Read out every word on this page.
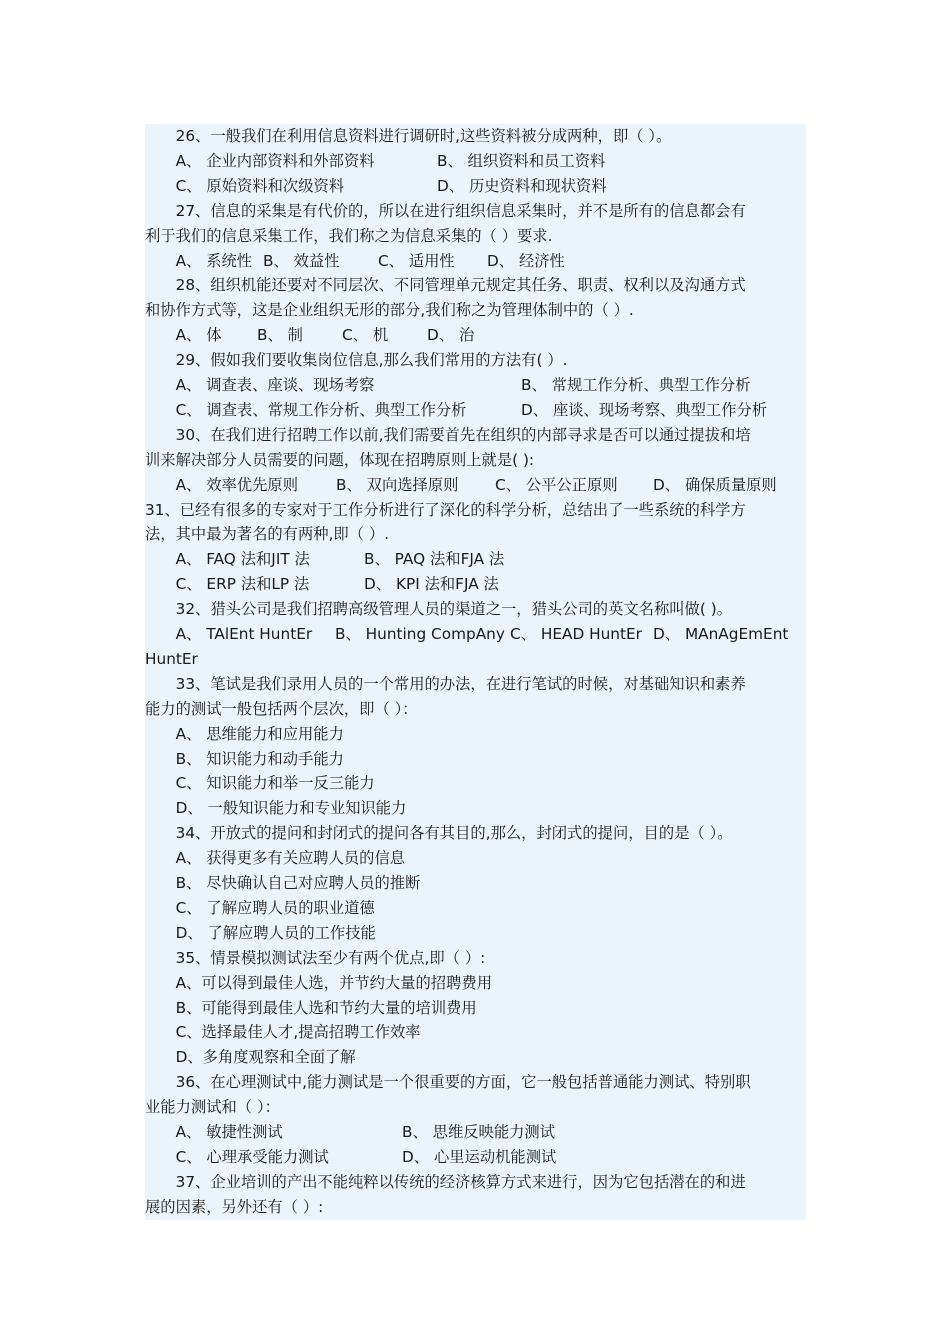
　　26、一般我们在利用信息资料进行调研时,这些资料被分成两种，即（ ）。
　　A、 企业内部资料和外部资料	B、 组织资料和员工资料
　　C、 原始资料和次级资料	D、 历史资料和现状资料
　　27、信息的采集是有代价的，所以在进行组织信息采集时，并不是所有的信息都会有
利于我们的信息采集工作，我们称之为信息采集的（ ）要求.
　　A、 系统性 B、 效益性	C、 适用性 D、 经济性
　　28、组织机能还要对不同层次、不同管理单元规定其任务、职责、权利以及沟通方式
和协作方式等，这是企业组织无形的部分,我们称之为管理体制中的（ ）.
　　A、 体 B、 制	C、 机	D、 治
　　29、假如我们要收集岗位信息,那么我们常用的方法有( ）.
　　A、 调查表、座谈、现场考察	B、 常规工作分析、典型工作分析
　　C、 调查表、常规工作分析、典型工作分析	D、 座谈、现场考察、典型工作分析
　　30、在我们进行招聘工作以前,我们需要首先在组织的内部寻求是否可以通过提拔和培
训来解决部分人员需要的问题，体现在招聘原则上就是( ):
　　A、 效率优先原则 B、 双向选择原则 C、 公平公正原则 D、 确保质量原则
31、已经有很多的专家对于工作分析进行了深化的科学分析，总结出了一些系统的科学方
法，其中最为著名的有两种,即（ ）.
　　A、 FAQ 法和JIT 法	B、 PAQ 法和FJA 法
　　C、 ERP 法和LP 法	D、 KPI 法和FJA 法
　　32、猎头公司是我们招聘高级管理人员的渠道之一，猎头公司的英文名称叫做( )。
　　A、 TAlEnt HuntEr B、 Hunting CompAny C、 HEAD HuntEr D、 MAnAgEmEnt
HuntEr
　　33、笔试是我们录用人员的一个常用的办法，在进行笔试的时候，对基础知识和素养
能力的测试一般包括两个层次，即（ ）：
　　A、 思维能力和应用能力
　　B、 知识能力和动手能力
　　C、 知识能力和举一反三能力
　　D、 一般知识能力和专业知识能力
　　34、开放式的提问和封闭式的提问各有其目的,那么，封闭式的提问，目的是（ ）。
　　A、 获得更多有关应聘人员的信息
　　B、 尽快确认自己对应聘人员的推断
　　C、 了解应聘人员的职业道德
　　D、 了解应聘人员的工作技能
　　35、情景模拟测试法至少有两个优点,即（ ）:
　　A、可以得到最佳人选，并节约大量的招聘费用
　　B、可能得到最佳人选和节约大量的培训费用
　　C、选择最佳人才,提高招聘工作效率
　　D、多角度观察和全面了解
　　36、在心理测试中,能力测试是一个很重要的方面，它一般包括普通能力测试、特别职
业能力测试和（ ）：
　　A、 敏捷性测试	B、 思维反映能力测试
　　C、 心理承受能力测试	D、 心里运动机能测试
　　37、企业培训的产出不能纯粹以传统的经济核算方式来进行，因为它包括潜在的和进
展的因素，另外还有（ ）:
